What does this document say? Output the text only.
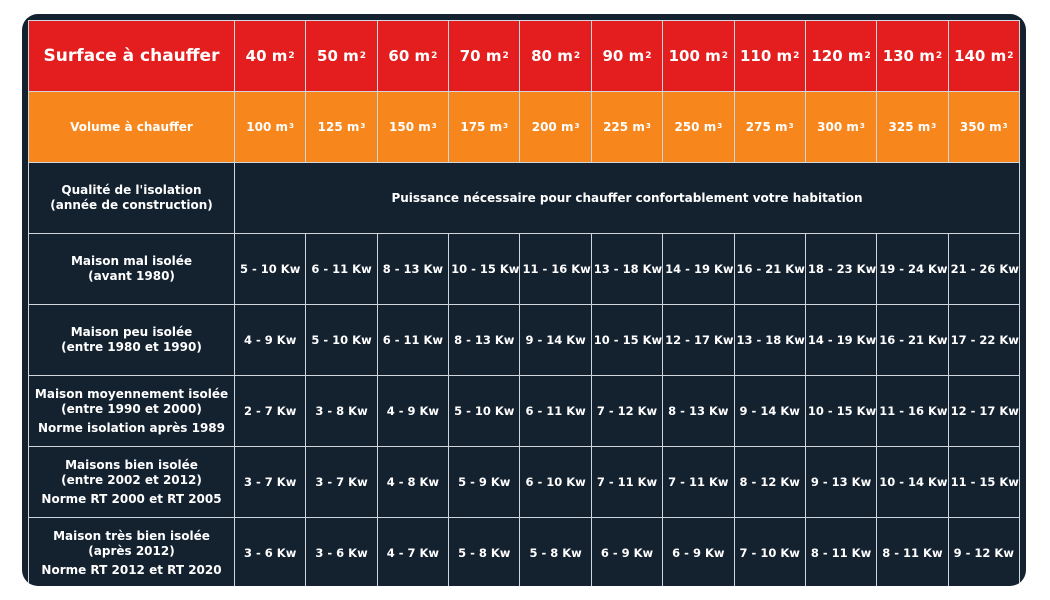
Surface à chauffer	40 $m^2$	50 $m^2$	60 $m^2$	70 $m^2$	80 $m^2$	90 $m^2$	100 $m^2$	110 $m^2$	120 $m^2$	130 $m^2$	140 $m^2$
Volume à chauffer	100 $m^3$	125 $m^3$	150 $m^3$	175 $m^3$	200 $m^3$	225 $m^3$	250 $m^3$	275 $m^3$	300 $m^3$	325 $m^3$	350 $m^3$

Qualité de l'isolation
(année de construction)	Puissance nécessaire pour chauffer confortablement votre habitation										

Maison mal isolée
(avant 1980)	5 - 10 Kw	6 - 11 Kw	8 - 13 Kw	10 - 15 Kw	11 - 16 Kw	13 - 18 Kw	14 - 19 Kw	16 - 21 Kw	18 - 23 Kw	19 - 24 Kw	21 - 26 Kw

Maison peu isolée
(entre 1980 et 1990)	4 - 9 Kw	5 - 10 Kw	6 - 11 Kw	8 - 13 Kw	9 - 14 Kw	10 - 15 Kw	12 - 17 Kw	13 - 18 Kw	14 - 19 Kw	16 - 21 Kw	17 - 22 Kw

Maison moyennement isolée
(entre 1990 et 2000)
Norme isolation après 1989	2 - 7 Kw	3 - 8 Kw	4 - 9 Kw	5 - 10 Kw	6 - 11 Kw	7 - 12 Kw	8 - 13 Kw	9 - 14 Kw	10 - 15 Kw	11 - 16 Kw	12 - 17 Kw

Maisons bien isolée
(entre 2002 et 2012)
Norme RT 2000 et RT 2005	3 - 7 Kw	3 - 7 Kw	4 - 8 Kw	5 - 9 Kw	6 - 10 Kw	7 - 11 Kw	7 - 11 Kw	8 - 12 Kw	9 - 13 Kw	10 - 14 Kw	11 - 15 Kw

Maison très bien isolée
(après 2012)
Norme RT 2012 et RT 2020	3 - 6 Kw	3 - 6 Kw	4 - 7 Kw	5 - 8 Kw	5 - 8 Kw	6 - 9 Kw	6 - 9 Kw	7 - 10 Kw	8 - 11 Kw	8 - 11 Kw	9 - 12 Kw
